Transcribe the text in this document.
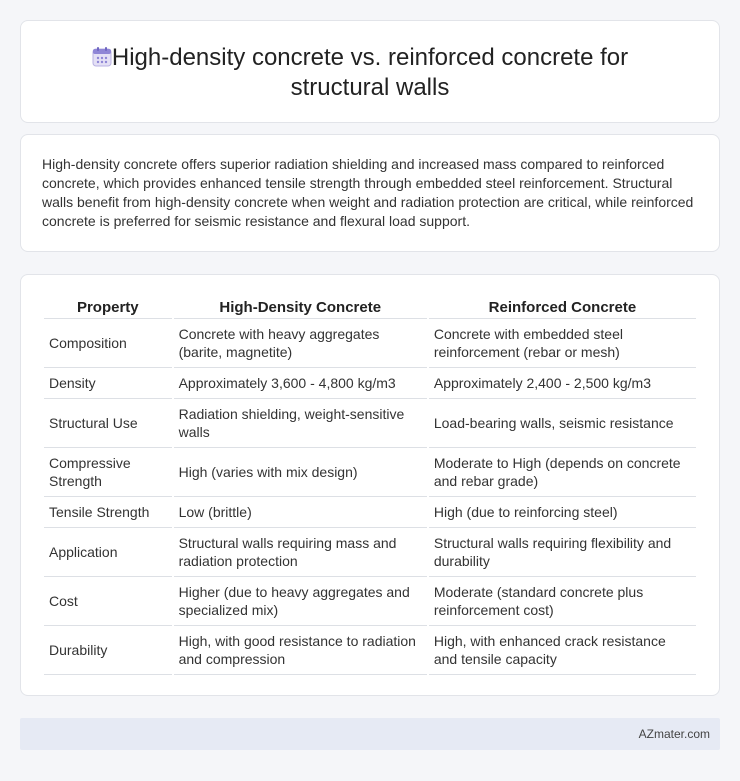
High-density concrete vs. reinforced concrete for structural walls

High-density concrete offers superior radiation shielding and increased mass compared to reinforced concrete, which provides enhanced tensile strength through embedded steel reinforcement. Structural walls benefit from high-density concrete when weight and radiation protection are critical, while reinforced concrete is preferred for seismic resistance and flexural load support.

Property	High-Density Concrete	Reinforced Concrete
Composition	Concrete with heavy aggregates (barite, magnetite)	Concrete with embedded steel reinforcement (rebar or mesh)
Density	Approximately 3,600 - 4,800 kg/m3	Approximately 2,400 - 2,500 kg/m3
Structural Use	Radiation shielding, weight-sensitive walls	Load-bearing walls, seismic resistance
Compressive Strength	High (varies with mix design)	Moderate to High (depends on concrete and rebar grade)
Tensile Strength	Low (brittle)	High (due to reinforcing steel)
Application	Structural walls requiring mass and radiation protection	Structural walls requiring flexibility and durability
Cost	Higher (due to heavy aggregates and specialized mix)	Moderate (standard concrete plus reinforcement cost)
Durability	High, with good resistance to radiation and compression	High, with enhanced crack resistance and tensile capacity
AZmater.com
